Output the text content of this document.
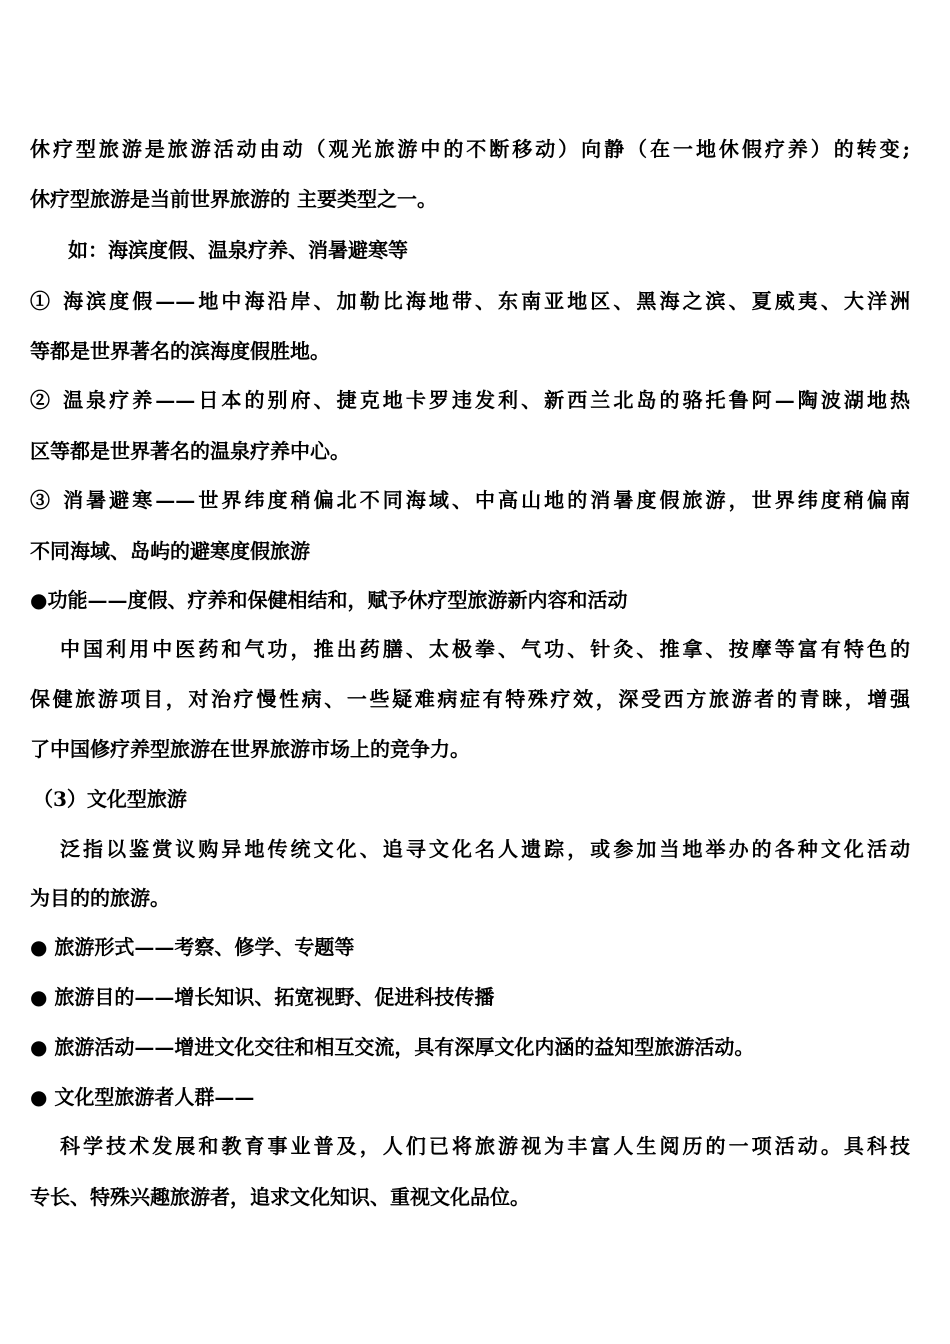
休疗型旅游是旅游活动由动（观光旅游中的不断移动）向静（在一地休假疗养）的转变;
休疗型旅游是当前世界旅游的 主要类型之一。
如：海滨度假、温泉疗养、消暑避寒等
① 海滨度假——地中海沿岸、加勒比海地带、东南亚地区、黑海之滨、夏威夷、大洋洲
等都是世界著名的滨海度假胜地。
② 温泉疗养——日本的别府、捷克地卡罗违发利、新西兰北岛的骆托鲁阿—陶波湖地热
区等都是世界著名的温泉疗养中心。
③ 消暑避寒——世界纬度稍偏北不同海域、中高山地的消暑度假旅游，世界纬度稍偏南
不同海域、岛屿的避寒度假旅游
●功能——度假、疗养和保健相结和，赋予休疗型旅游新内容和活动
中国利用中医药和气功，推出药膳、太极拳、气功、针灸、推拿、按摩等富有特色的
保健旅游项目，对治疗慢性病、一些疑难病症有特殊疗效，深受西方旅游者的青睐，增强
了中国修疗养型旅游在世界旅游市场上的竞争力。
（3）文化型旅游
泛指以鉴赏议购异地传统文化、追寻文化名人遗踪，或参加当地举办的各种文化活动
为目的的旅游。
● 旅游形式——考察、修学、专题等
● 旅游目的——增长知识、拓宽视野、促进科技传播
● 旅游活动——增进文化交往和相互交流，具有深厚文化内涵的益知型旅游活动。
● 文化型旅游者人群——
科学技术发展和教育事业普及，人们已将旅游视为丰富人生阅历的一项活动。具科技
专长、特殊兴趣旅游者，追求文化知识、重视文化品位。
